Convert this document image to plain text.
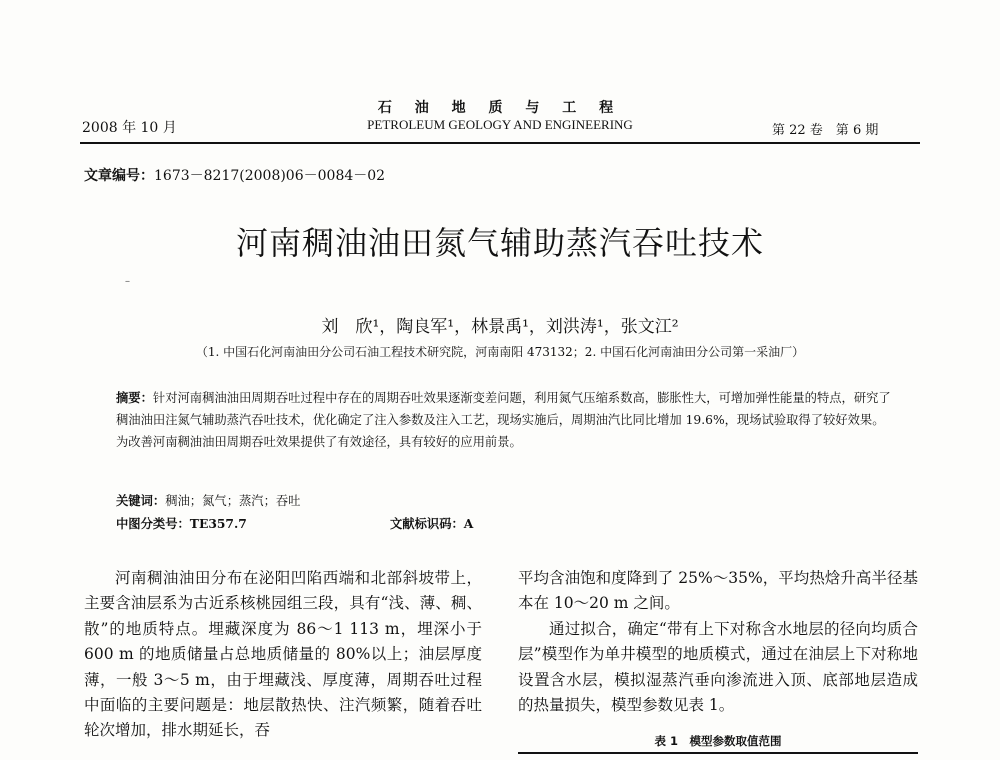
石 油 地 质 与 工 程
2008 年 10 月	PETROLEUM GEOLOGY AND ENGINEERING	第 22 卷　第 6 期
文章编号：1673－8217(2008)06－0084－02
河南稠油油田氮气辅助蒸汽吞吐技术
–
刘　欣¹，陶良军¹，林景禹¹，刘洪涛¹，张文江²
（1. 中国石化河南油田分公司石油工程技术研究院，河南南阳 473132；2. 中国石化河南油田分公司第一采油厂）
摘要：针对河南稠油油田周期吞吐过程中存在的周期吞吐效果逐渐变差问题，利用氮气压缩系数高，膨胀性大，可增加弹性能量的特点，研究了稠油油田注氮气辅助蒸汽吞吐技术，优化确定了注入参数及注入工艺，现场实施后，周期油汽比同比增加 19.6%，现场试验取得了较好效果。为改善河南稠油油田周期吞吐效果提供了有效途径，具有较好的应用前景。
关键词：稠油；氮气；蒸汽；吞吐
中图分类号：TE357.7	文献标识码：A

河南稠油油田分布在泌阳凹陷西端和北部斜坡带上，主要含油层系为古近系核桃园组三段，具有“浅、薄、稠、散”的地质特点。埋藏深度为 86～1 113 m，埋深小于 600 m 的地质储量占总地质储量的 80%以上；油层厚度薄，一般 3～5 m，由于埋藏浅、厚度薄，周期吞吐过程中面临的主要问题是：地层散热快、注汽频繁，随着吞吐轮次增加，排水期延长，吞

平均含油饱和度降到了 25%～35%，平均热焓升高半径基本在 10～20 m 之间。

通过拟合，确定“带有上下对称含水地层的径向均质合层”模型作为单井模型的地质模式，通过在油层上下对称地设置含水层，模拟湿蒸汽垂向渗流进入顶、底部地层造成的热量损失，模型参数见表 1。

表 1　模型参数取值范围
